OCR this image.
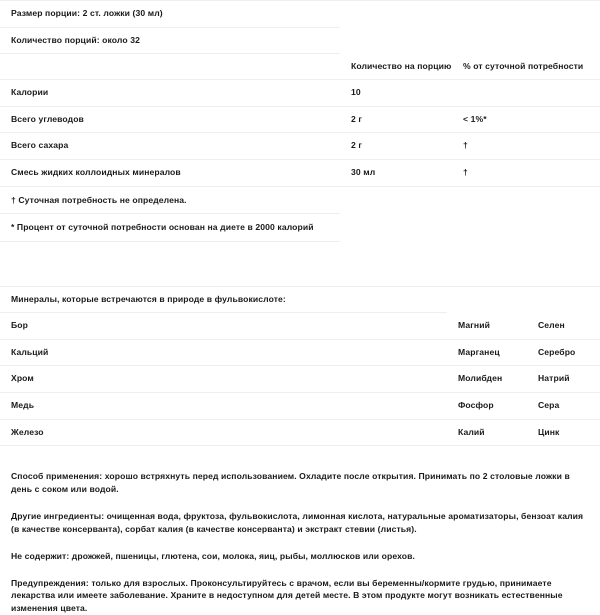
Размер порции: 2 ст. ложки (30 мл)		
Количество порций: около 32		
	Количество на порцию	% от суточной потребности
Калории	10	
Всего углеводов	2 г	< 1%*
Всего сахара	2 г	†
Смесь жидких коллоидных минералов	30 мл	†
† Суточная потребность не определена.		
* Процент от суточной потребности основан на диете в 2000 калорий		
Минералы, которые встречаются в природе в фульвокислоте:		
Бор	Магний	Селен
Кальций	Марганец	Серебро
Хром	Молибден	Натрий
Медь	Фосфор	Сера
Железо	Калий	Цинк

Способ применения: хорошо встряхнуть перед использованием. Охладите после открытия. Принимать по 2 столовые ложки в день с соком или водой.

Другие ингредиенты: очищенная вода, фруктоза, фульвокислота, лимонная кислота, натуральные ароматизаторы, бензоат калия (в качестве консерванта), сорбат калия (в качестве консерванта) и экстракт стевии (листья).

Не содержит: дрожжей, пшеницы, глютена, сои, молока, яиц, рыбы, моллюсков или орехов.

Предупреждения: только для взрослых. Проконсультируйтесь с врачом, если вы беременны/кормите грудью, принимаете лекарства или имеете заболевание. Храните в недоступном для детей месте. В этом продукте могут возникать естественные изменения цвета.
